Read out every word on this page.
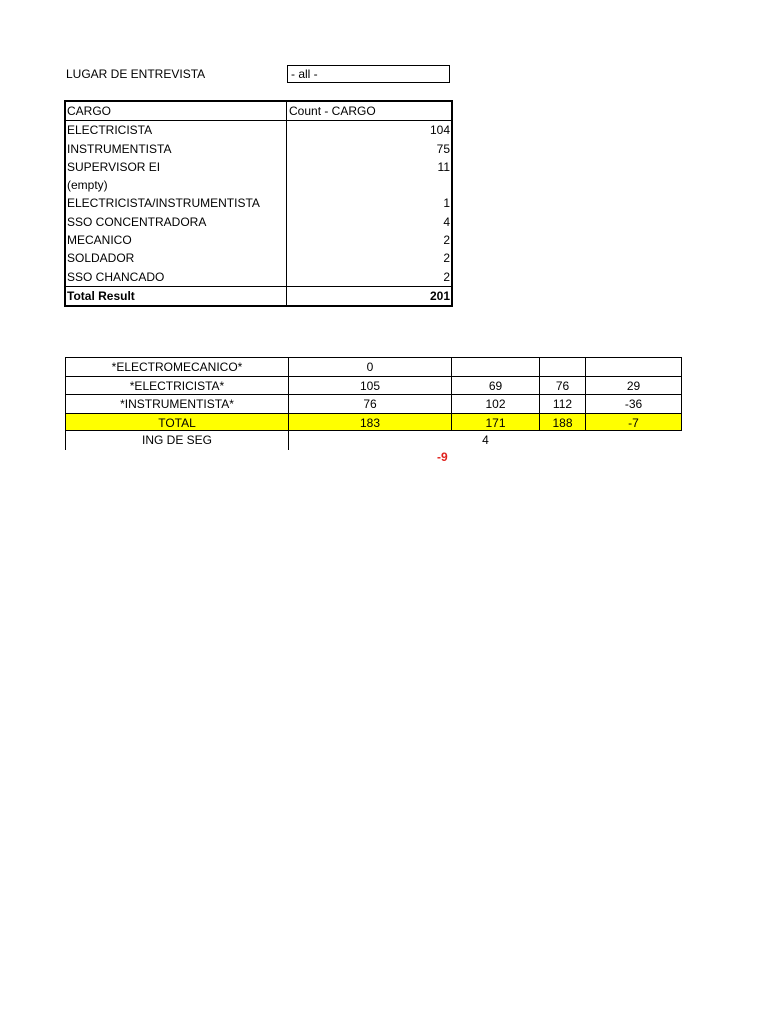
LUGAR DE ENTREVISTA	- all -
CARGO	Count - CARGO
ELECTRICISTA	104
INSTRUMENTISTA	75
SUPERVISOR EI	11
(empty)
ELECTRICISTA/INSTRUMENTISTA	1
SSO CONCENTRADORA	4
MECANICO	2
SOLDADOR	2
SSO CHANCADO	2
Total Result	201
*ELECTROMECANICO*	0
*ELECTRICISTA*	105	69	76	29
*INSTRUMENTISTA*	76	102	112	-36
TOTAL	183	171	188	-7
ING DE SEG	4
-9
